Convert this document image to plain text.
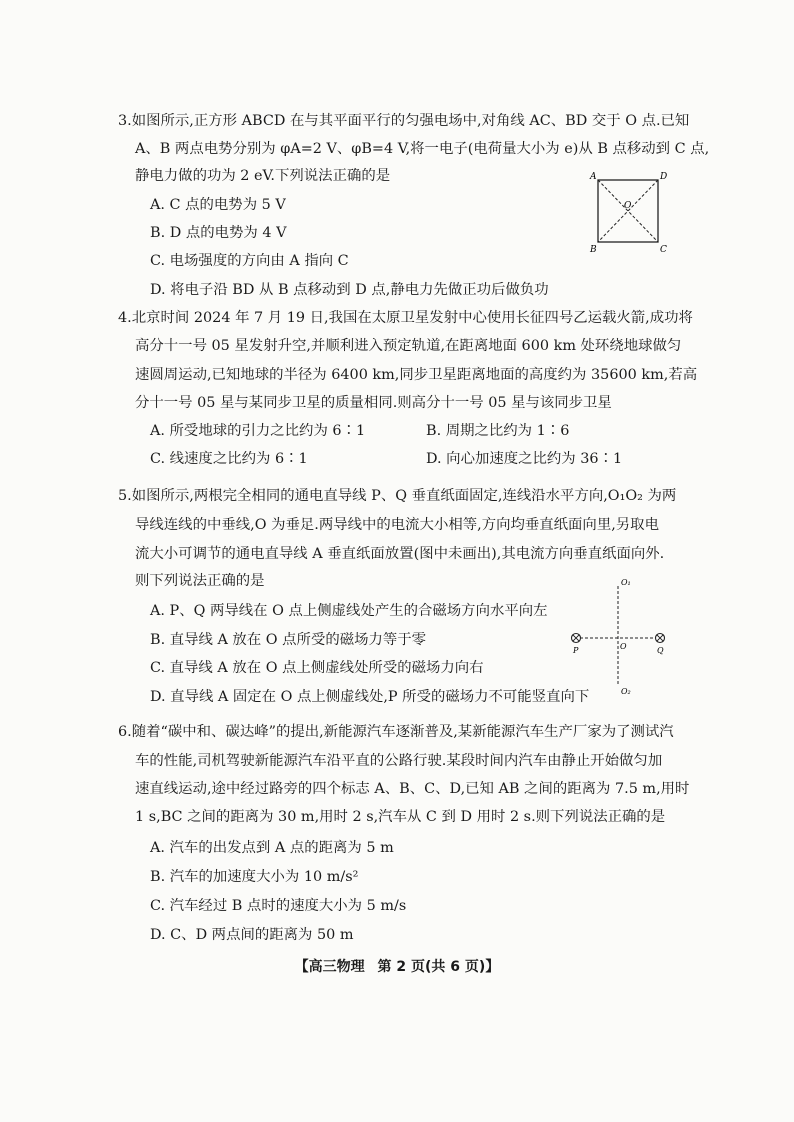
3.如图所示,正方形 ABCD 在与其平面平行的匀强电场中,对角线 AC、BD 交于 O 点.已知
A、B 两点电势分别为 φA=2 V、φB=4 V,将一电子(电荷量大小为 e)从 B 点移动到 C 点,
静电力做的功为 2 eV.下列说法正确的是
A. C 点的电势为 5 V
B. D 点的电势为 4 V
C. 电场强度的方向由 A 指向 C
D. 将电子沿 BD 从 B 点移动到 D 点,静电力先做正功后做负功
A	D
B	C
O
4.北京时间 2024 年 7 月 19 日,我国在太原卫星发射中心使用长征四号乙运载火箭,成功将
高分十一号 05 星发射升空,并顺利进入预定轨道,在距离地面 600 km 处环绕地球做匀
速圆周运动,已知地球的半径为 6400 km,同步卫星距离地面的高度约为 35600 km,若高
分十一号 05 星与某同步卫星的质量相同.则高分十一号 05 星与该同步卫星
A. 所受地球的引力之比约为 6∶1	B. 周期之比约为 1∶6
C. 线速度之比约为 6∶1	D. 向心加速度之比约为 36∶1
5.如图所示,两根完全相同的通电直导线 P、Q 垂直纸面固定,连线沿水平方向,O₁O₂ 为两
导线连线的中垂线,O 为垂足.两导线中的电流大小相等,方向均垂直纸面向里,另取电
流大小可调节的通电直导线 A 垂直纸面放置(图中未画出),其电流方向垂直纸面向外.
则下列说法正确的是
A. P、Q 两导线在 O 点上侧虚线处产生的合磁场方向水平向左
B. 直导线 A 放在 O 点所受的磁场力等于零
C. 直导线 A 放在 O 点上侧虚线处所受的磁场力向右
D. 直导线 A 固定在 O 点上侧虚线处,P 所受的磁场力不可能竖直向下
O₁
O₂
O
P	Q
6.随着“碳中和、碳达峰”的提出,新能源汽车逐渐普及,某新能源汽车生产厂家为了测试汽
车的性能,司机驾驶新能源汽车沿平直的公路行驶.某段时间内汽车由静止开始做匀加
速直线运动,途中经过路旁的四个标志 A、B、C、D,已知 AB 之间的距离为 7.5 m,用时
1 s,BC 之间的距离为 30 m,用时 2 s,汽车从 C 到 D 用时 2 s.则下列说法正确的是
A. 汽车的出发点到 A 点的距离为 5 m
B. 汽车的加速度大小为 10 m/s²
C. 汽车经过 B 点时的速度大小为 5 m/s
D. C、D 两点间的距离为 50 m
【高三物理 第 2 页(共 6 页)】
